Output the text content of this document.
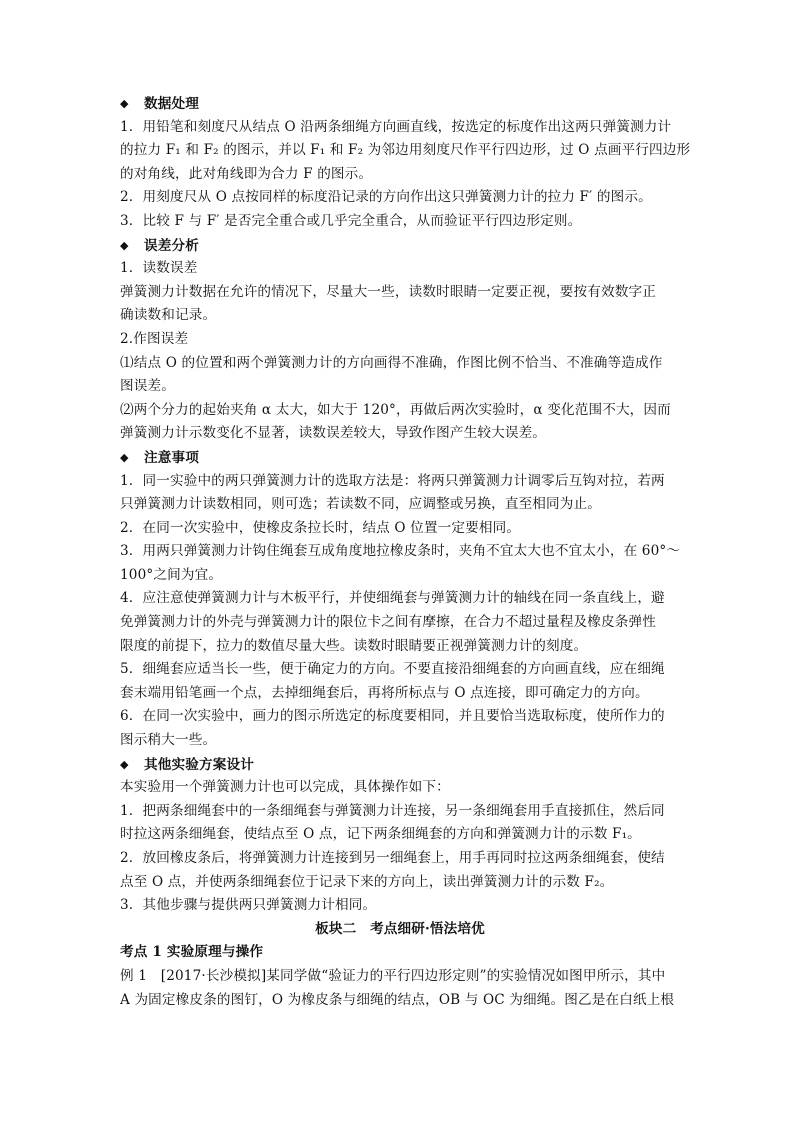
◆ 数据处理
1．用铅笔和刻度尺从结点 O 沿两条细绳方向画直线，按选定的标度作出这两只弹簧测力计
的拉力 F₁ 和 F₂ 的图示，并以 F₁ 和 F₂ 为邻边用刻度尺作平行四边形，过 O 点画平行四边形
的对角线，此对角线即为合力 F 的图示。
2．用刻度尺从 O 点按同样的标度沿记录的方向作出这只弹簧测力计的拉力 F′ 的图示。
3．比较 F 与 F′ 是否完全重合或几乎完全重合，从而验证平行四边形定则。
◆ 误差分析
1．读数误差
弹簧测力计数据在允许的情况下，尽量大一些，读数时眼睛一定要正视，要按有效数字正
确读数和记录。
2.作图误差
⑴结点 O 的位置和两个弹簧测力计的方向画得不准确，作图比例不恰当、不准确等造成作
图误差。
⑵两个分力的起始夹角 α 太大，如大于 120°，再做后两次实验时，α 变化范围不大，因而
弹簧测力计示数变化不显著，读数误差较大，导致作图产生较大误差。
◆ 注意事项
1．同一实验中的两只弹簧测力计的选取方法是：将两只弹簧测力计调零后互钩对拉，若两
只弹簧测力计读数相同，则可选；若读数不同，应调整或另换，直至相同为止。
2．在同一次实验中，使橡皮条拉长时，结点 O 位置一定要相同。
3．用两只弹簧测力计钩住绳套互成角度地拉橡皮条时，夹角不宜太大也不宜太小，在 60°～
100°之间为宜。
4．应注意使弹簧测力计与木板平行，并使细绳套与弹簧测力计的轴线在同一条直线上，避
免弹簧测力计的外壳与弹簧测力计的限位卡之间有摩擦，在合力不超过量程及橡皮条弹性
限度的前提下，拉力的数值尽量大些。读数时眼睛要正视弹簧测力计的刻度。
5．细绳套应适当长一些，便于确定力的方向。不要直接沿细绳套的方向画直线，应在细绳
套末端用铅笔画一个点，去掉细绳套后，再将所标点与 O 点连接，即可确定力的方向。
6．在同一次实验中，画力的图示所选定的标度要相同，并且要恰当选取标度，使所作力的
图示稍大一些。
◆ 其他实验方案设计
本实验用一个弹簧测力计也可以完成，具体操作如下：
1．把两条细绳套中的一条细绳套与弹簧测力计连接，另一条细绳套用手直接抓住，然后同
时拉这两条细绳套，使结点至 O 点，记下两条细绳套的方向和弹簧测力计的示数 F₁。
2．放回橡皮条后，将弹簧测力计连接到另一细绳套上，用手再同时拉这两条细绳套，使结
点至 O 点，并使两条细绳套位于记录下来的方向上，读出弹簧测力计的示数 F₂。
3．其他步骤与提供两只弹簧测力计相同。
板块二　考点细研·悟法培优
考点 1 实验原理与操作
例 1　[2017·长沙模拟]某同学做“验证力的平行四边形定则”的实验情况如图甲所示，其中
A 为固定橡皮条的图钉，O 为橡皮条与细绳的结点，OB 与 OC 为细绳。图乙是在白纸上根
